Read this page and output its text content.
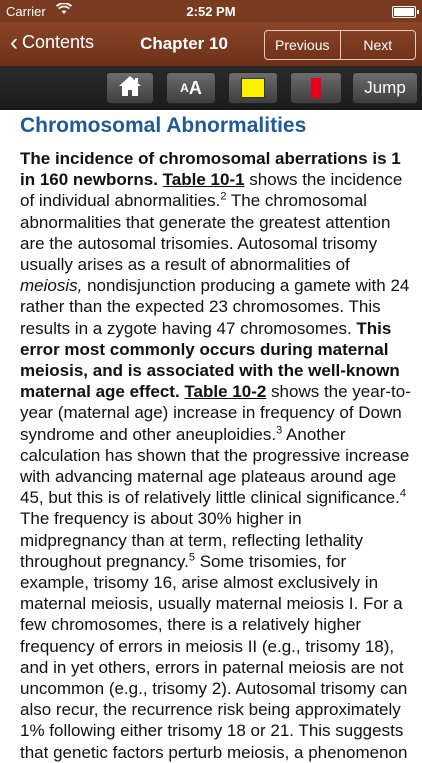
Carrier	2:52 PM
‹ Contents	Chapter 10	Previous	Next
A A	Jump
Chromosomal Abnormalities

The incidence of chromosomal aberrations is 1 in 160 newborns. Table 10-1 shows the incidence of individual abnormalities.$^2$ The chromosomal abnormalities that generate the greatest attention are the autosomal trisomies. Autosomal trisomy usually arises as a result of abnormalities of meiosis, nondisjunction producing a gamete with 24 rather than the expected 23 chromosomes. This results in a zygote having 47 chromosomes. This error most commonly occurs during maternal meiosis, and is associated with the well-known maternal age effect. Table 10-2 shows the year-to-year (maternal age) increase in frequency of Down syndrome and other aneuploidies.$^3$ Another calculation has shown that the progressive increase with advancing maternal age plateaus around age 45, but this is of relatively little clinical significance.$^4$ The frequency is about 30% higher in midpregnancy than at term, reflecting lethality throughout pregnancy.$^5$ Some trisomies, for example, trisomy 16, arise almost exclusively in maternal meiosis, usually maternal meiosis I. For a few chromosomes, there is a relatively higher frequency of errors in meiosis II (e.g., trisomy 18), and in yet others, errors in paternal meiosis are not uncommon (e.g., trisomy 2). Autosomal trisomy can also recur, the recurrence risk being approximately 1% following either trisomy 18 or 21. This suggests that genetic factors perturb meiosis, a phenomenon
